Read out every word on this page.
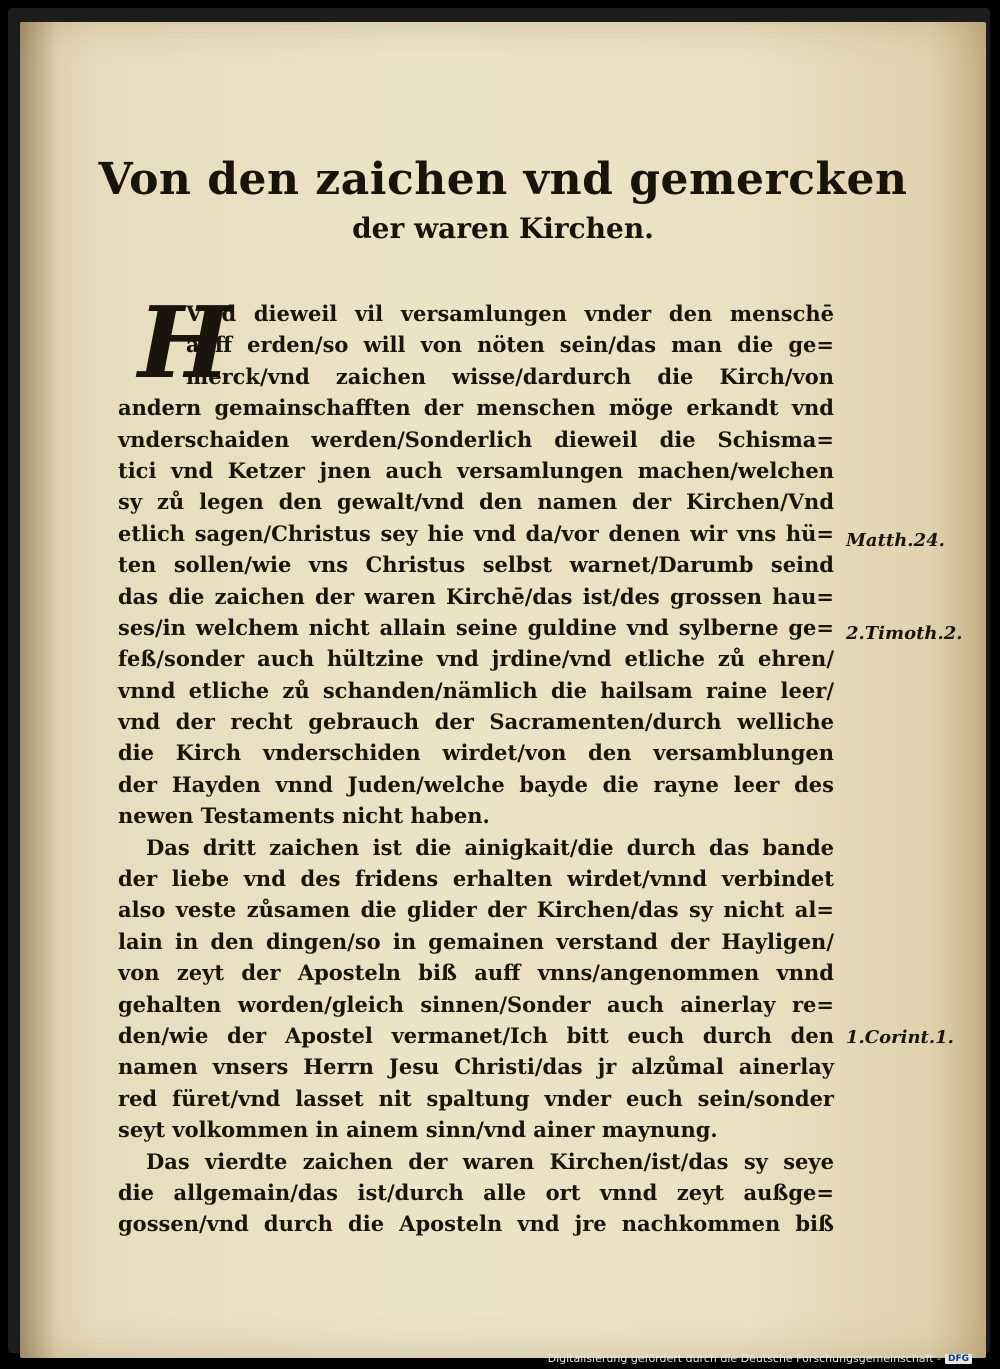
Von den zaichen vnd gemercken
der waren Kirchen.
H
VNd dieweil vil versamlungen vnder den menschē
auff erden/so will von nöten sein/das man die ge=
merck/vnd zaichen wisse/dardurch die Kirch/von
andern gemainschafften der menschen möge erkandt vnd
vnderschaiden werden/Sonderlich dieweil die Schisma=
tici vnd Ketzer jnen auch versamlungen machen/welchen
sy zů legen den gewalt/vnd den namen der Kirchen/Vnd
etlich sagen/Christus sey hie vnd da/vor denen wir vns hü=
ten sollen/wie vns Christus selbst warnet/Darumb seind
das die zaichen der waren Kirchē/das ist/des grossen hau=
ses/in welchem nicht allain seine guldine vnd sylberne ge=
feß/sonder auch hültzine vnd jrdine/vnd etliche zů ehren/
vnnd etliche zů schanden/nämlich die hailsam raine leer/
vnd der recht gebrauch der Sacramenten/durch welliche
die Kirch vnderschiden wirdet/von den versamblungen
der Hayden vnnd Juden/welche bayde die rayne leer des
newen Testaments nicht haben.
Das dritt zaichen ist die ainigkait/die durch das bande
der liebe vnd des fridens erhalten wirdet/vnnd verbindet
also veste zůsamen die glider der Kirchen/das sy nicht al=
lain in den dingen/so in gemainen verstand der Hayligen/
von zeyt der Aposteln biß auff vnns/angenommen vnnd
gehalten worden/gleich sinnen/Sonder auch ainerlay re=
den/wie der Apostel vermanet/Ich bitt euch durch den
namen vnsers Herrn Jesu Christi/das jr alzůmal ainerlay
red füret/vnd lasset nit spaltung vnder euch sein/sonder
seyt volkommen in ainem sinn/vnd ainer maynung.
Das vierdte zaichen der waren Kirchen/ist/das sy seye
die allgemain/das ist/durch alle ort vnnd zeyt außge=
gossen/vnd durch die Aposteln vnd jre nachkommen biß
Matth.24.
2.Timoth.2.
1.Corint.1.
Digitalisierung gefördert durch die Deutsche Forschungsgemeinschaft - DFG
